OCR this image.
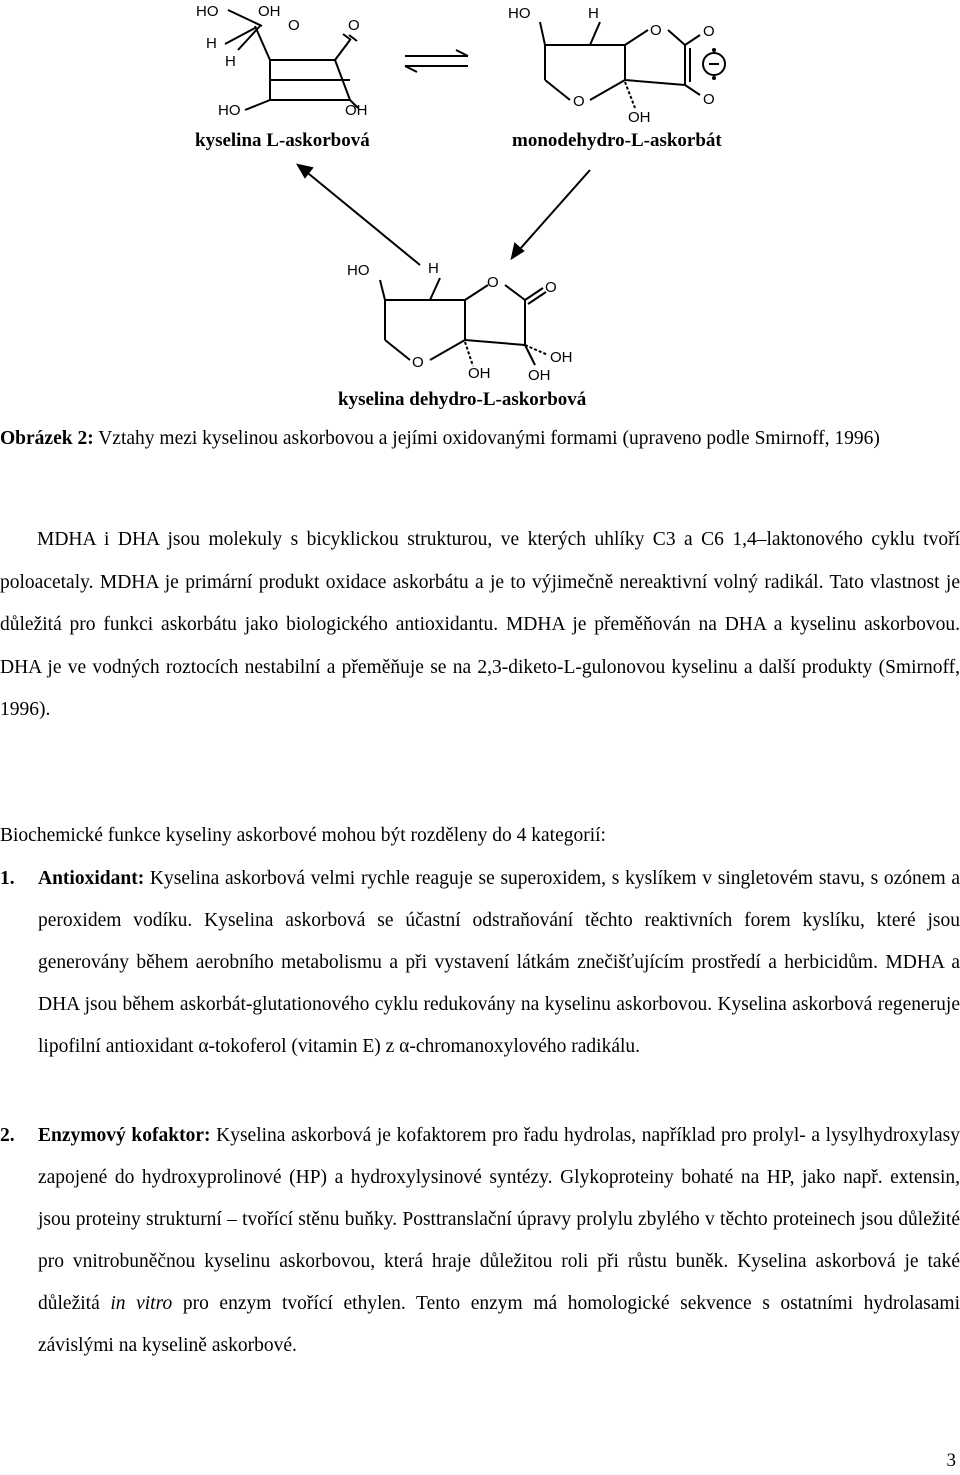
HO	OH
H
H
O	O
HO	OH
kyselina L-askorbová
HO	H
O	O
O
O
OH
monodehydro-L-askorbát
HO	H
O	O
O
OH
OH
OH
kyselina dehydro-L-askorbová
Obrázek 2: Vztahy mezi kyselinou askorbovou a jejími oxidovanými formami (upraveno podle Smirnoff, 1996)
MDHA i DHA jsou molekuly s bicyklickou strukturou, ve kterých uhlíky C3 a C6 1,4–laktonového cyklu tvoří poloacetaly. MDHA je primární produkt oxidace askorbátu a je to výjimečně nereaktivní volný radikál. Tato vlastnost je důležitá pro funkci askorbátu jako biologického antioxidantu. MDHA je přeměňován na DHA a kyselinu askorbovou. DHA je ve vodných roztocích nestabilní a přeměňuje se na 2,3-diketo-L-gulonovou kyselinu a další produkty (Smirnoff, 1996).
Biochemické funkce kyseliny askorbové mohou být rozděleny do 4 kategorií:
1. Antioxidant: Kyselina askorbová velmi rychle reaguje se superoxidem, s kyslíkem v singletovém stavu, s ozónem a peroxidem vodíku. Kyselina askorbová se účastní odstraňování těchto reaktivních forem kyslíku, které jsou generovány během aerobního metabolismu a při vystavení látkám znečišťujícím prostředí a herbicidům. MDHA a DHA jsou během askorbát-glutationového cyklu redukovány na kyselinu askorbovou. Kyselina askorbová regeneruje lipofilní antioxidant α-tokoferol (vitamin E) z α-chromanoxylového radikálu.
2. Enzymový kofaktor: Kyselina askorbová je kofaktorem pro řadu hydrolas, například pro prolyl- a lysylhydroxylasy zapojené do hydroxyprolinové (HP) a hydroxylysinové syntézy. Glykoproteiny bohaté na HP, jako např. extensin, jsou proteiny strukturní – tvořící stěnu buňky. Posttranslační úpravy prolylu zbylého v těchto proteinech jsou důležité pro vnitrobuněčnou kyselinu askorbovou, která hraje důležitou roli při růstu buněk. Kyselina askorbová je také důležitá in vitro pro enzym tvořící ethylen. Tento enzym má homologické sekvence s ostatními hydrolasami závislými na kyselině askorbové.
3
